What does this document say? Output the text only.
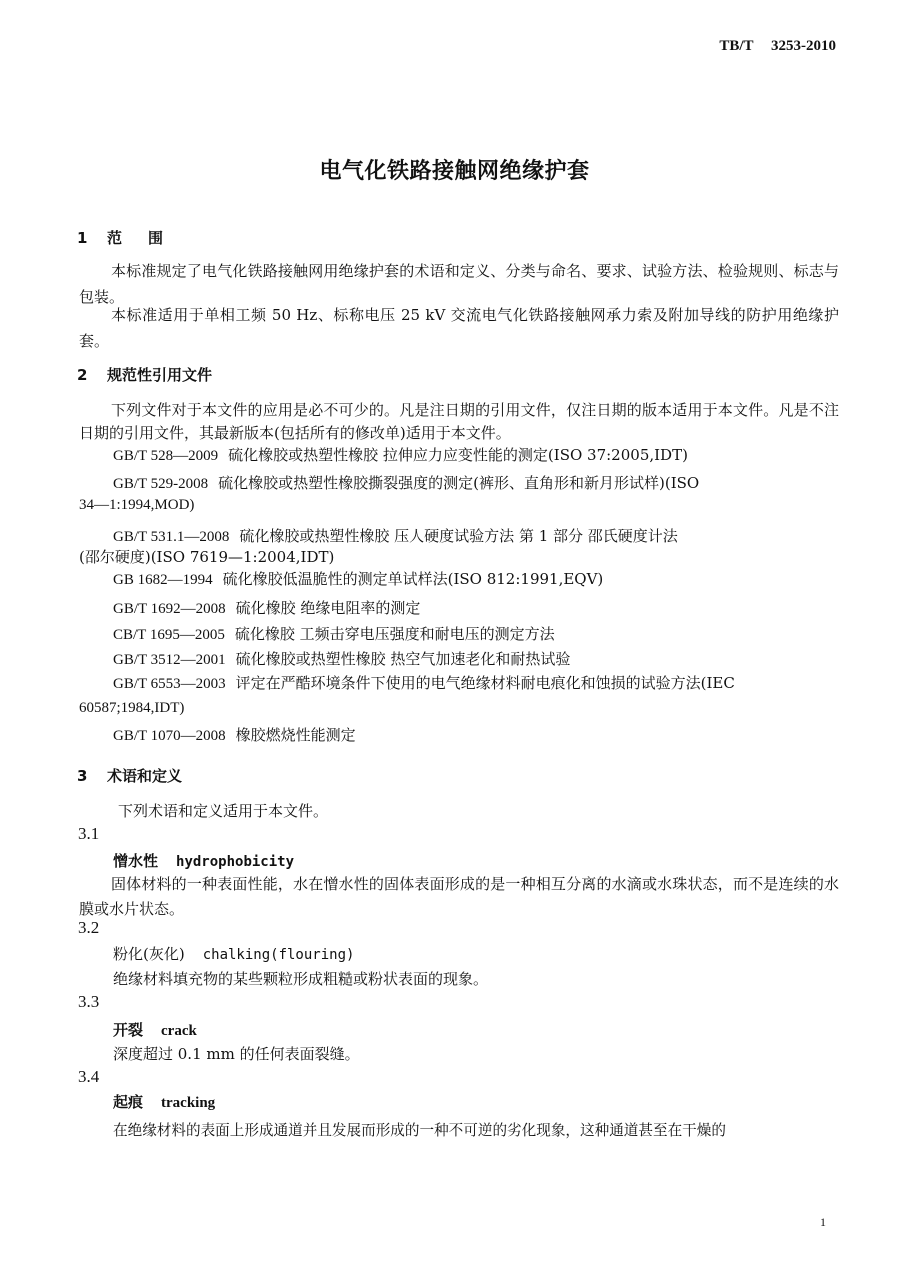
TB/T 3253-2010
电气化铁路接触网绝缘护套
1 范围
本标准规定了电气化铁路接触网用绝缘护套的术语和定义、分类与命名、要求、试验方法、检验规则、标志与包装。
本标准适用于单相工频 50 Hz、标称电压 25 kV 交流电气化铁路接触网承力索及附加导线的防护用绝缘护套。
2 规范性引用文件
下列文件对于本文件的应用是必不可少的。凡是注日期的引用文件，仅注日期的版本适用于本文件。凡是不注日期的引用文件，其最新版本(包括所有的修改单)适用于本文件。
GB/T 528—2009 硫化橡胶或热塑性橡胶 拉伸应力应变性能的测定(ISO 37:2005,IDT)
GB/T 529-2008 硫化橡胶或热塑性橡胶撕裂强度的测定(裤形、直角形和新月形试样)(ISO
34—1:1994,MOD)
GB/T 531.1—2008 硫化橡胶或热塑性橡胶 压人硬度试验方法 第 1 部分 邵氏硬度计法
(邵尔硬度)(ISO 7619—1:2004,IDT)
GB 1682—1994 硫化橡胶低温脆性的测定单试样法(ISO 812:1991,EQV)
GB/T 1692—2008 硫化橡胶 绝缘电阻率的测定
CB/T 1695—2005 硫化橡胶 工频击穿电压强度和耐电压的测定方法
GB/T 3512—2001 硫化橡胶或热塑性橡胶 热空气加速老化和耐热试验
GB/T 6553—2003 评定在严酷环境条件下使用的电气绝缘材料耐电痕化和蚀损的试验方法(IEC
60587;1984,IDT)
GB/T 1070—2008 橡胶燃烧性能测定
3 术语和定义
下列术语和定义适用于本文件。
3.1
憎水性 hydrophobicity
固体材料的一种表面性能，水在憎水性的固体表面形成的是一种相互分离的水滴或水珠状态，而不是连续的水膜或水片状态。
3.2
粉化(灰化) chalking(flouring)
绝缘材料填充物的某些颗粒形成粗糙或粉状表面的现象。
3.3
开裂 crack
深度超过 0.1 mm 的任何表面裂缝。
3.4
起痕 tracking
在绝缘材料的表面上形成通道并且发展而形成的一种不可逆的劣化现象，这种通道甚至在干燥的
1
